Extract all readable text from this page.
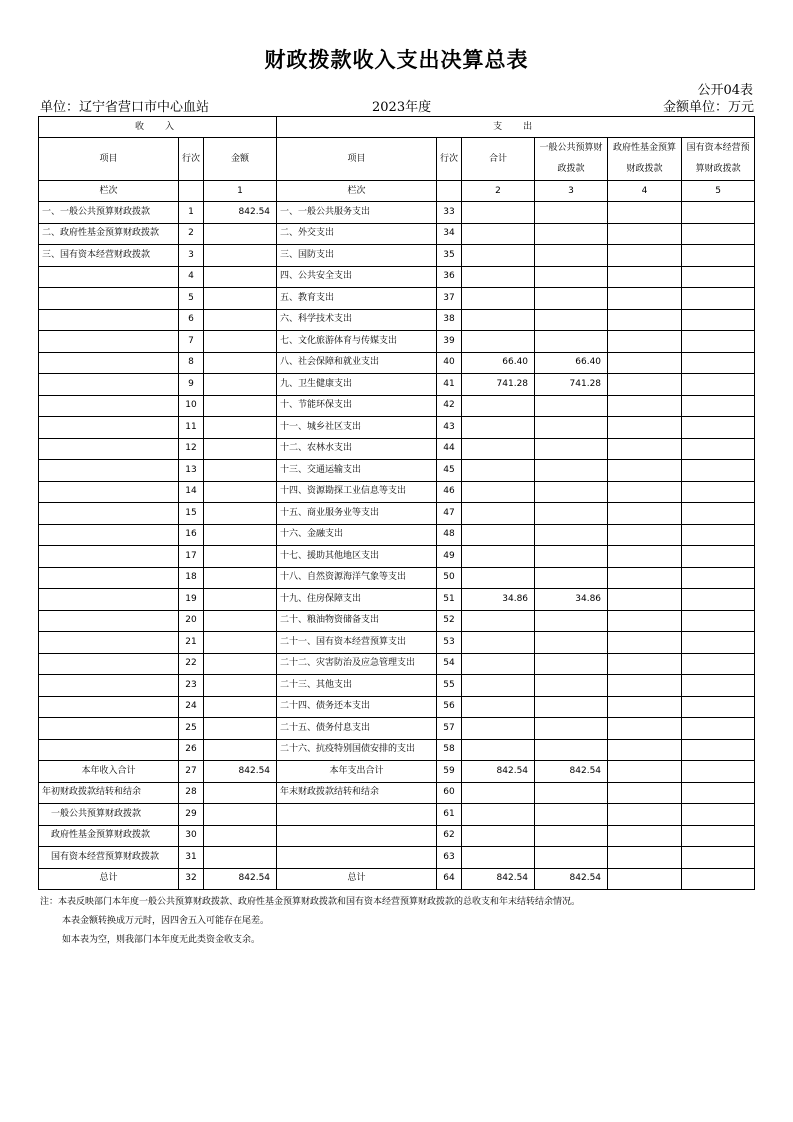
财政拨款收入支出决算总表
公开04表
单位：辽宁省营口市中心血站	2023年度	金额单位：万元
收　入			支　出					
项目	行次	金额	项目	行次	合计	一般公共预算财政拨款	政府性基金预算财政拨款	国有资本经营预算财政拨款
栏次		1	栏次		2	3	4	5
一、一般公共预算财政拨款	1	842.54	一、一般公共服务支出	33				
二、政府性基金预算财政拨款	2		二、外交支出	34				
三、国有资本经营财政拨款	3		三、国防支出	35				
	4		四、公共安全支出	36				
	5		五、教育支出	37				
	6		六、科学技术支出	38				
	7		七、文化旅游体育与传媒支出	39				
	8		八、社会保障和就业支出	40	66.40	66.40		
	9		九、卫生健康支出	41	741.28	741.28		
	10		十、节能环保支出	42				
	11		十一、城乡社区支出	43				
	12		十二、农林水支出	44				
	13		十三、交通运输支出	45				
	14		十四、资源勘探工业信息等支出	46				
	15		十五、商业服务业等支出	47				
	16		十六、金融支出	48				
	17		十七、援助其他地区支出	49				
	18		十八、自然资源海洋气象等支出	50				
	19		十九、住房保障支出	51	34.86	34.86		
	20		二十、粮油物资储备支出	52				
	21		二十一、国有资本经营预算支出	53				
	22		二十二、灾害防治及应急管理支出	54				
	23		二十三、其他支出	55				
	24		二十四、债务还本支出	56				
	25		二十五、债务付息支出	57				
	26		二十六、抗疫特别国债安排的支出	58				
本年收入合计	27	842.54	本年支出合计	59	842.54	842.54		
年初财政拨款结转和结余	28		年末财政拨款结转和结余	60				
一般公共预算财政拨款	29			61				
政府性基金预算财政拨款	30			62				
国有资本经营预算财政拨款	31			63				
总计	32	842.54	总计	64	842.54	842.54		
注：本表反映部门本年度一般公共预算财政拨款、政府性基金预算财政拨款和国有资本经营预算财政拨款的总收支和年末结转结余情况。
本表金额转换成万元时，因四舍五入可能存在尾差。
如本表为空，则我部门本年度无此类资金收支余。
